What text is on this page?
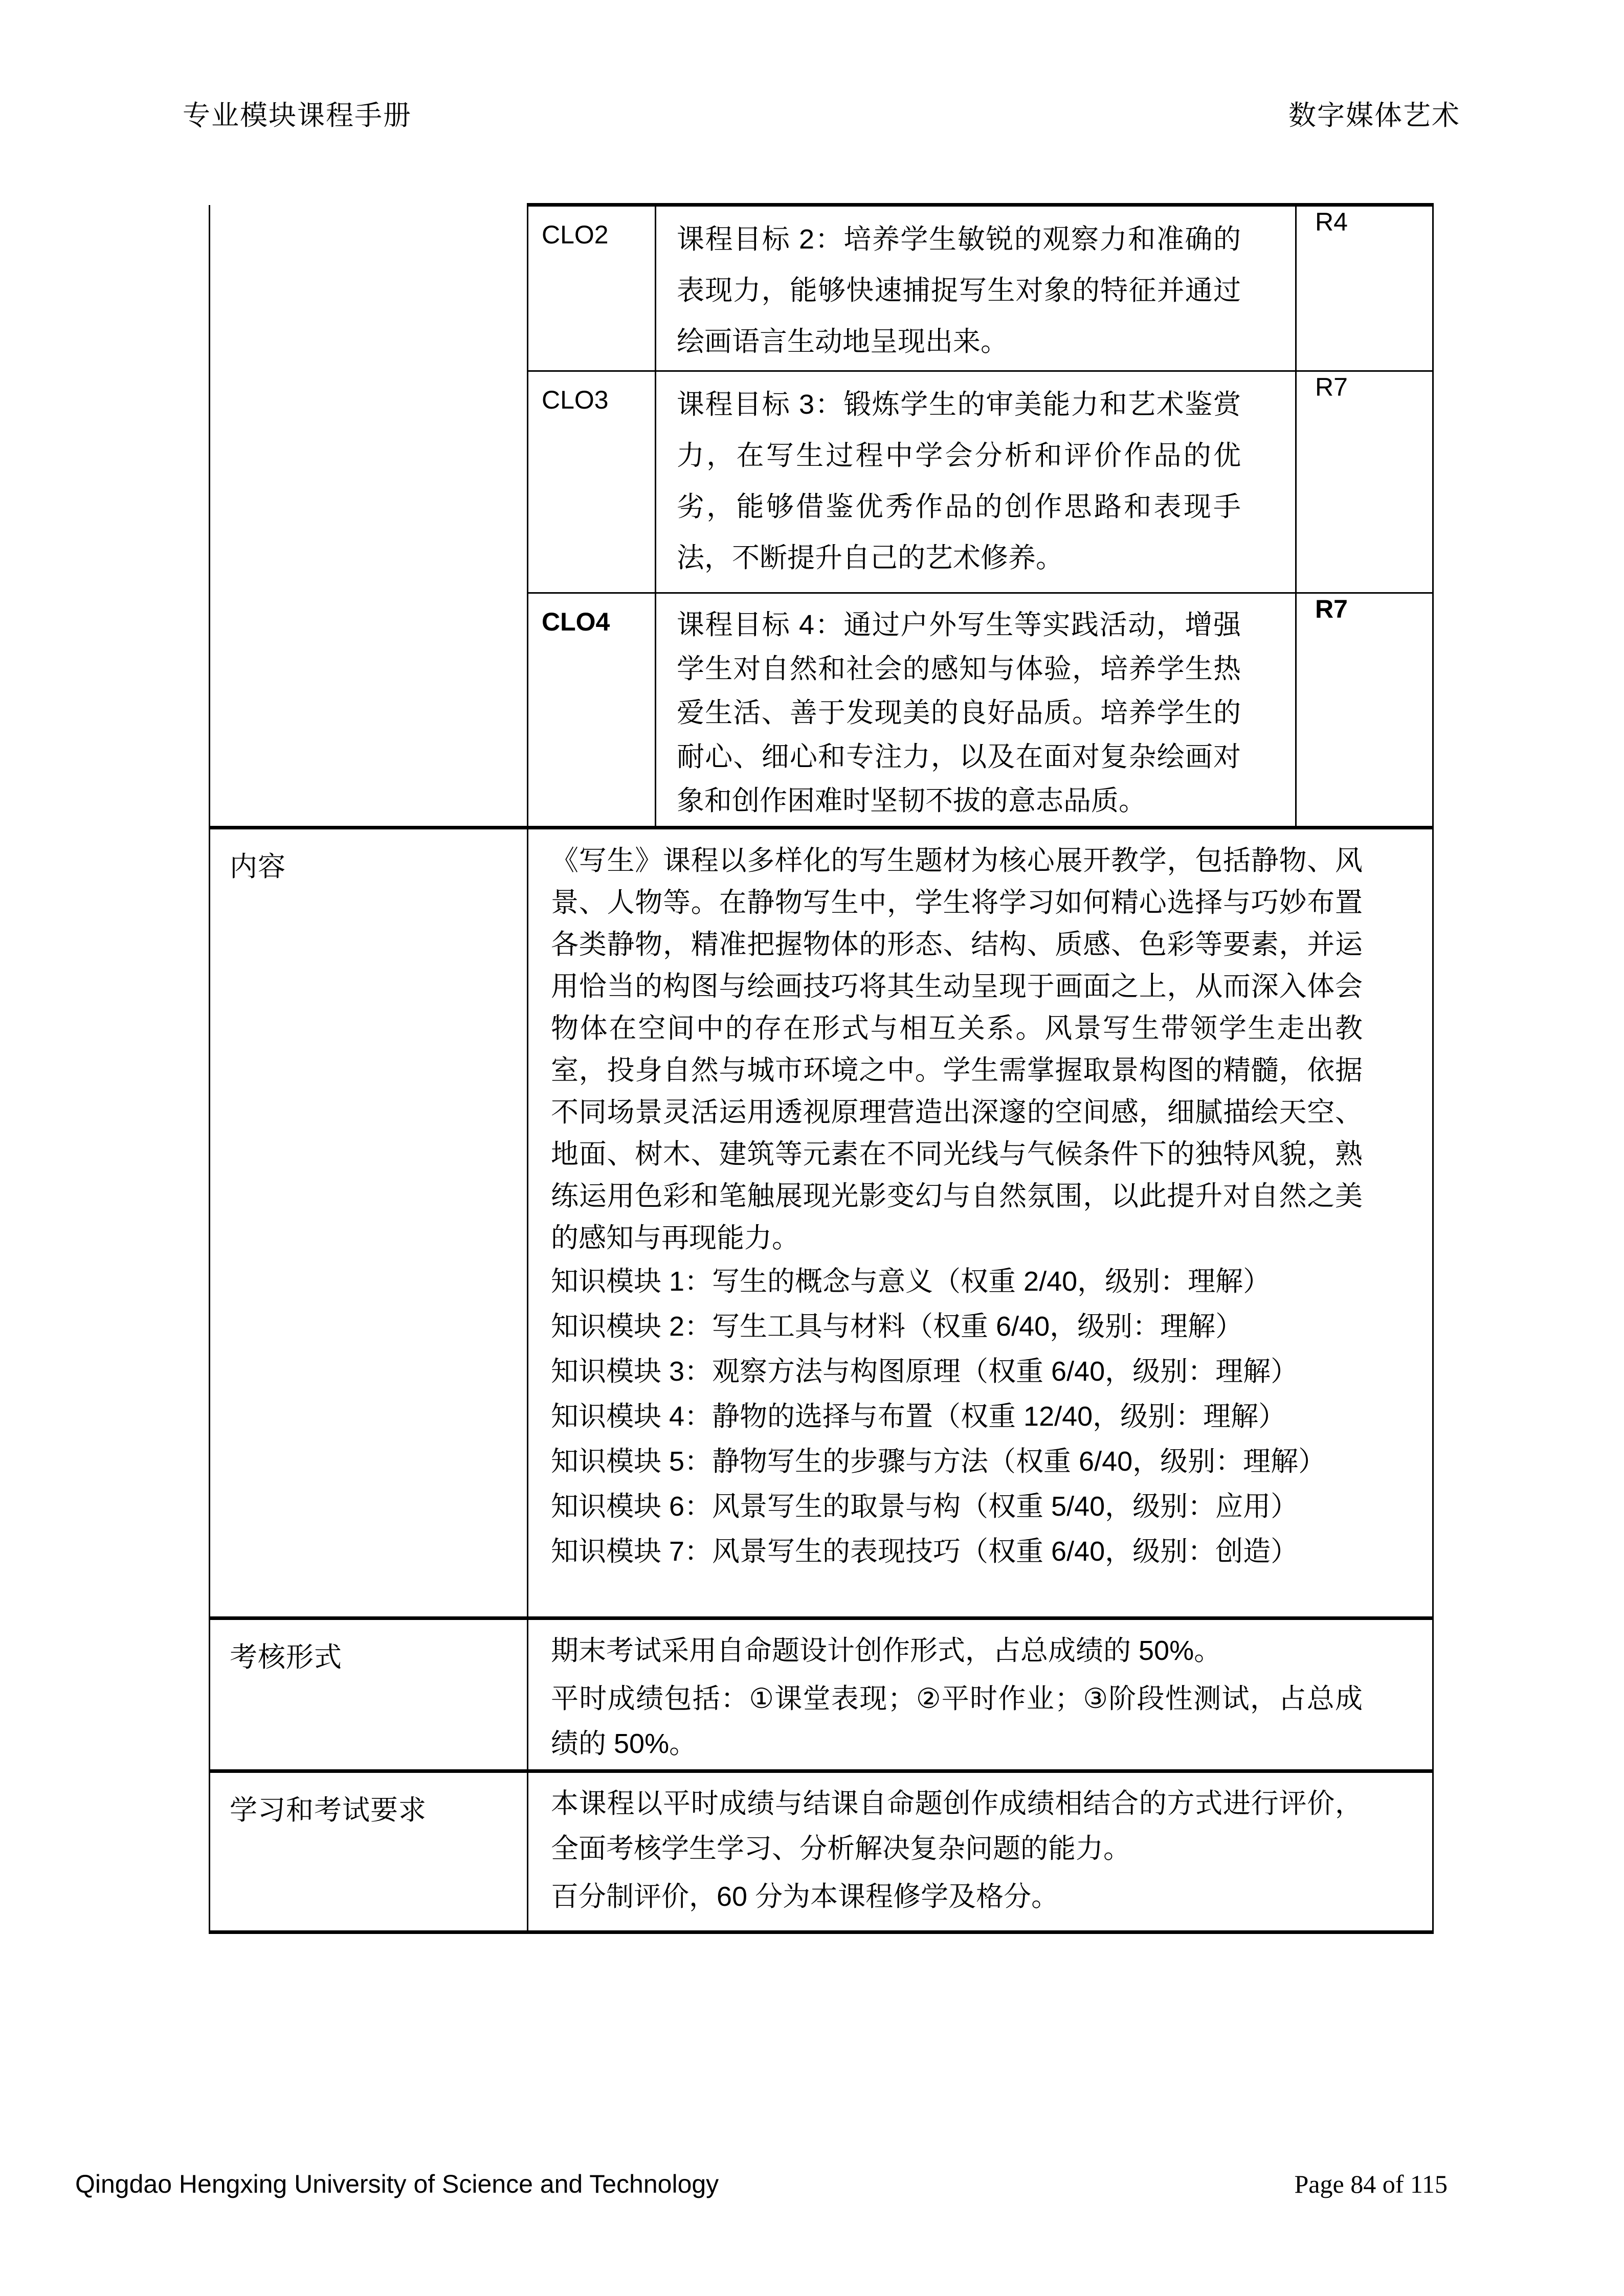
专业模块课程手册	数字媒体艺术
	CLO2	课程目标 2：培养学生敏锐的观察力和准确的表现力，能够快速捕捉写生对象的特征并通过绘画语言生动地呈现出来。	R4
	CLO3	课程目标 3：锻炼学生的审美能力和艺术鉴赏力，在写生过程中学会分析和评价作品的优劣，能够借鉴优秀作品的创作思路和表现手法，不断提升自己的艺术修养。	R7
	CLO4	课程目标 4：通过户外写生等实践活动，增强学生对自然和社会的感知与体验，培养学生热爱生活、善于发现美的良好品质。培养学生的耐心、细心和专注力，以及在面对复杂绘画对象和创作困难时坚韧不拔的意志品质。	R7
内容	《写生》课程以多样化的写生题材为核心展开教学，包括静物、风景、人物等。在静物写生中，学生将学习如何精心选择与巧妙布置各类静物，精准把握物体的形态、结构、质感、色彩等要素，并运用恰当的构图与绘画技巧将其生动呈现于画面之上，从而深入体会物体在空间中的存在形式与相互关系。风景写生带领学生走出教室，投身自然与城市环境之中。学生需掌握取景构图的精髓，依据不同场景灵活运用透视原理营造出深邃的空间感，细腻描绘天空、地面、树木、建筑等元素在不同光线与气候条件下的独特风貌，熟练运用色彩和笔触展现光影变幻与自然氛围，以此提升对自然之美的感知与再现能力。

知识模块 1：写生的概念与意义（权重 2/40，级别：理解）
知识模块 2：写生工具与材料（权重 6/40，级别：理解）
知识模块 3：观察方法与构图原理（权重 6/40，级别：理解）
知识模块 4：静物的选择与布置（权重 12/40，级别：理解）
知识模块 5：静物写生的步骤与方法（权重 6/40，级别：理解）
知识模块 6：风景写生的取景与构（权重 5/40，级别：应用）
知识模块 7：风景写生的表现技巧（权重 6/40，级别：创造）

考核形式	期末考试采用自命题设计创作形式，占总成绩的 50%。

平时成绩包括：①课堂表现；②平时作业；③阶段性测试，占总成绩的 50%。		

学习和考试要求	本课程以平时成绩与结课自命题创作成绩相结合的方式进行评价，全面考核学生学习、分析解决复杂问题的能力。

百分制评价，60 分为本课程修学及格分。		

Qingdao Hengxing University of Science and Technology	Page 84 of 115
